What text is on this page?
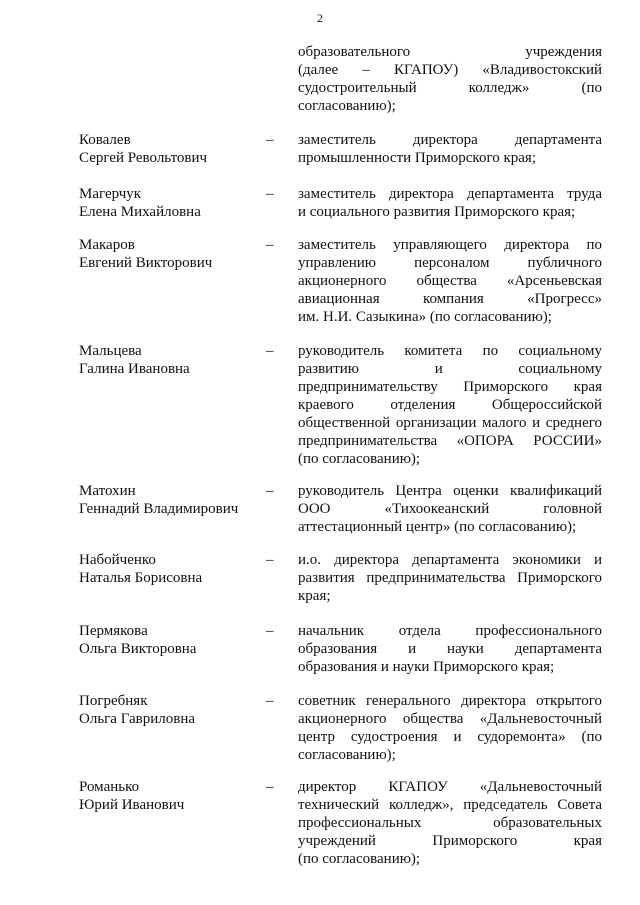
2
образовательного учреждения
(далее – КГАПОУ) «Владивостокский
судостроительный колледж» (по
согласованию);
Ковалев
Сергей Револьтович
– заместитель директора департамента
промышленности Приморского края;
Магерчук
Елена Михайловна
– заместитель директора департамента труда
и социального развития Приморского края;
Макаров
Евгений Викторович
– заместитель управляющего директора по
управлению персоналом публичного
акционерного общества «Арсеньевская
авиационная компания «Прогресс»
им. Н.И. Сазыкина» (по согласованию);
Мальцева
Галина Ивановна
– руководитель комитета по социальному
развитию и социальному
предпринимательству Приморского края
краевого отделения Общероссийской
общественной организации малого и среднего
предпринимательства «ОПОРА РОССИИ»
(по согласованию);
Матохин
Геннадий Владимирович
– руководитель Центра оценки квалификаций
ООО «Тихоокеанский головной
аттестационный центр» (по согласованию);
Набойченко
Наталья Борисовна
– и.о. директора департамента экономики и
развития предпринимательства Приморского
края;
Пермякова
Ольга Викторовна
– начальник отдела профессионального
образования и науки департамента
образования и науки Приморского края;
Погребняк
Ольга Гавриловна
– советник генерального директора открытого
акционерного общества «Дальневосточный
центр судостроения и судоремонта» (по
согласованию);
Романько
Юрий Иванович
– директор КГАПОУ «Дальневосточный
технический колледж», председатель Совета
профессиональных образовательных
учреждений Приморского края
(по согласованию);
